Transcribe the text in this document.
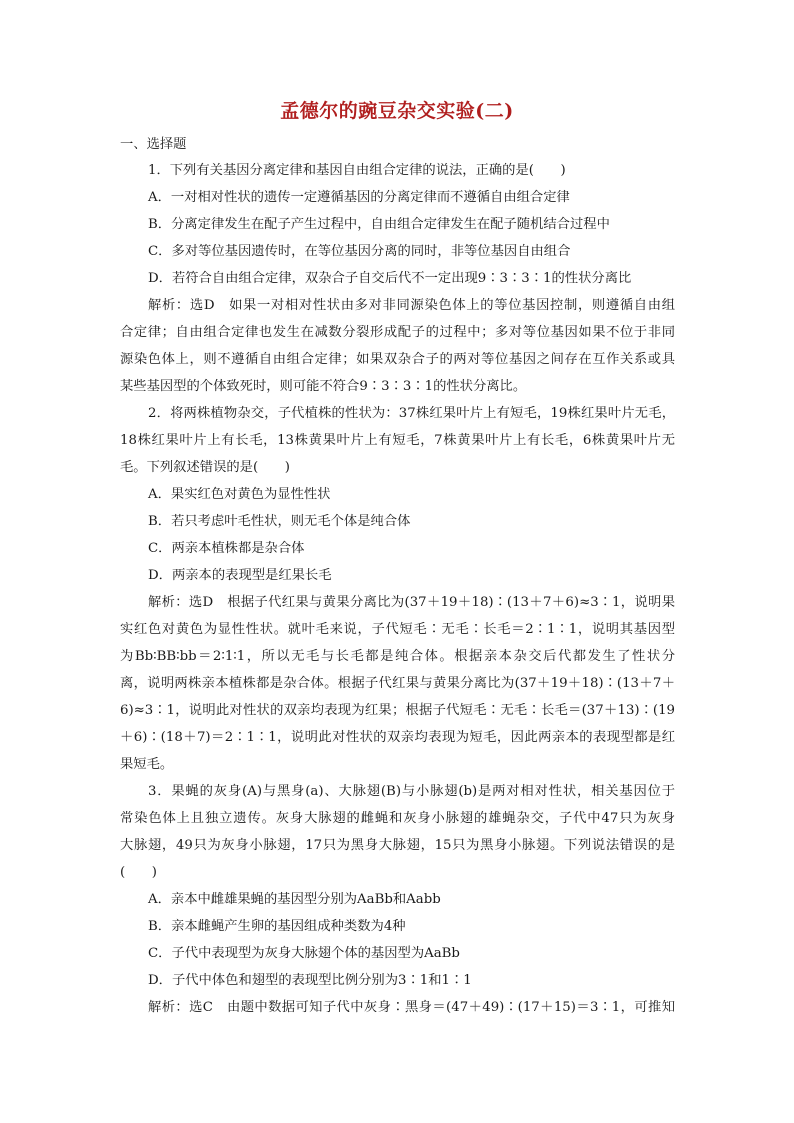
孟德尔的豌豆杂交实验(二)
一、选择题
1．下列有关基因分离定律和基因自由组合定律的说法，正确的是(　　)
A．一对相对性状的遗传一定遵循基因的分离定律而不遵循自由组合定律
B．分离定律发生在配子产生过程中，自由组合定律发生在配子随机结合过程中
C．多对等位基因遗传时，在等位基因分离的同时，非等位基因自由组合
D．若符合自由组合定律，双杂合子自交后代不一定出现9∶3∶3∶1的性状分离比
解析：选D　如果一对相对性状由多对非同源染色体上的等位基因控制，则遵循自由组
合定律；自由组合定律也发生在减数分裂形成配子的过程中；多对等位基因如果不位于非同
源染色体上，则不遵循自由组合定律；如果双杂合子的两对等位基因之间存在互作关系或具
某些基因型的个体致死时，则可能不符合9∶3∶3∶1的性状分离比。
2．将两株植物杂交，子代植株的性状为：37株红果叶片上有短毛，19株红果叶片无毛，
18株红果叶片上有长毛，13株黄果叶片上有短毛，7株黄果叶片上有长毛，6株黄果叶片无
毛。下列叙述错误的是(　　)
A．果实红色对黄色为显性性状
B．若只考虑叶毛性状，则无毛个体是纯合体
C．两亲本植株都是杂合体
D．两亲本的表现型是红果长毛
解析：选D　根据子代红果与黄果分离比为(37＋19＋18)∶(13＋7＋6)≈3∶1，说明果
实红色对黄色为显性性状。就叶毛来说，子代短毛∶无毛∶长毛＝2∶1∶1，说明其基因型
为Bb∶BB∶bb＝2∶1∶1，所以无毛与长毛都是纯合体。根据亲本杂交后代都发生了性状分
离，说明两株亲本植株都是杂合体。根据子代红果与黄果分离比为(37＋19＋18)∶(13＋7＋
6)≈3∶1，说明此对性状的双亲均表现为红果；根据子代短毛∶无毛∶长毛＝(37＋13)∶(19
＋6)∶(18＋7)＝2∶1∶1，说明此对性状的双亲均表现为短毛，因此两亲本的表现型都是红
果短毛。
3．果蝇的灰身(A)与黑身(a)、大脉翅(B)与小脉翅(b)是两对相对性状，相关基因位于
常染色体上且独立遗传。灰身大脉翅的雌蝇和灰身小脉翅的雄蝇杂交，子代中47只为灰身
大脉翅，49只为灰身小脉翅，17只为黑身大脉翅，15只为黑身小脉翅。下列说法错误的是
(　　)
A．亲本中雌雄果蝇的基因型分别为AaBb和Aabb
B．亲本雌蝇产生卵的基因组成种类数为4种
C．子代中表现型为灰身大脉翅个体的基因型为AaBb
D．子代中体色和翅型的表现型比例分别为3∶1和1∶1
解析：选C　由题中数据可知子代中灰身∶黑身＝(47＋49)∶(17＋15)＝3∶1，可推知
